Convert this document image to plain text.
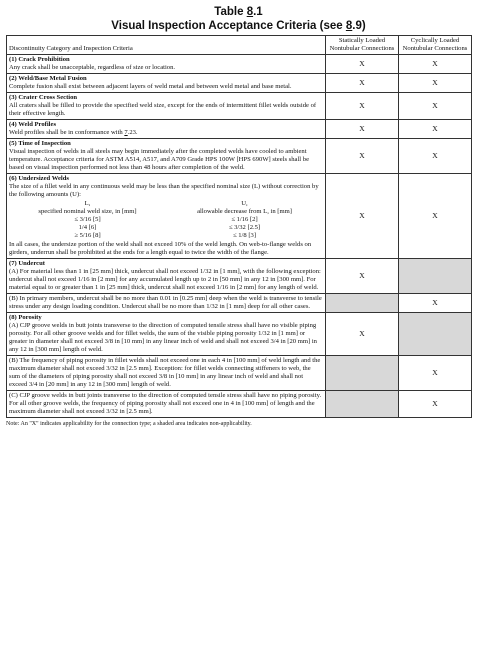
Table 8.1
Visual Inspection Acceptance Criteria (see 8.9)
Discontinuity Category and Inspection Criteria	Statically Loaded Nontubular Connections	Cyclically Loaded Nontubular Connections

(1) Crack Prohibition
Any crack shall be unacceptable, regardless of size or location.	X	X

(2) Weld/Base Metal Fusion
Complete fusion shall exist between adjacent layers of weld metal and between weld metal and base metal.	X	X

(3) Crater Cross Section
All craters shall be filled to provide the specified weld size, except for the ends of intermittent fillet welds outside of their effective length.	X	X

(4) Weld Profiles
Weld profiles shall be in conformance with 7.23.	X	X

(5) Time of Inspection
Visual inspection of welds in all steels may begin immediately after the completed welds have cooled to ambient temperature. Acceptance criteria for ASTM A514, A517, and A709 Grade HPS 100W [HPS 690W] steels shall be based on visual inspection performed not less than 48 hours after completion of the weld.	X	X

(6) Undersized Welds
The size of a fillet weld in any continuous weld may be less than the specified nominal size (L) without correction by the following amounts (U):
L,	U,
specified nominal weld size, in [mm]	allowable decrease from L, in [mm]
≤ 3/16 [5]	≤ 1/16 [2]
1/4 [6]	≤ 3/32 [2.5]
≥ 5/16 [8]	≤ 1/8 [3]
In all cases, the undersize portion of the weld shall not exceed 10% of the weld length. On web-to-flange welds on girders, underrun shall be prohibited at the ends for a length equal to twice the width of the flange.	X	X

(7) Undercut
(A) For material less than 1 in [25 mm] thick, undercut shall not exceed 1/32 in [1 mm], with the following exception: undercut shall not exceed 1/16 in [2 mm] for any accumulated length up to 2 in [50 mm] in any 12 in [300 mm]. For material equal to or greater than 1 in [25 mm] thick, undercut shall not exceed 1/16 in [2 mm] for any length of weld.	X	
(B) In primary members, undercut shall be no more than 0.01 in [0.25 mm] deep when the weld is transverse to tensile stress under any design loading condition. Undercut shall be no more than 1/32 in [1 mm] deep for all other cases.		X

(8) Porosity
(A) CJP groove welds in butt joints transverse to the direction of computed tensile stress shall have no visible piping porosity. For all other groove welds and for fillet welds, the sum of the visible piping porosity 1/32 in [1 mm] or greater in diameter shall not exceed 3/8 in [10 mm] in any linear inch of weld and shall not exceed 3/4 in [20 mm] in any 12 in [300 mm] length of weld.	X	
(B) The frequency of piping porosity in fillet welds shall not exceed one in each 4 in [100 mm] of weld length and the maximum diameter shall not exceed 3/32 in [2.5 mm]. Exception: for fillet welds connecting stiffeners to web, the sum of the diameters of piping porosity shall not exceed 3/8 in [10 mm] in any linear inch of weld and shall not exceed 3/4 in [20 mm] in any 12 in [300 mm] length of weld.		X
(C) CJP groove welds in butt joints transverse to the direction of computed tensile stress shall have no piping porosity. For all other groove welds, the frequency of piping porosity shall not exceed one in 4 in [100 mm] of length and the maximum diameter shall not exceed 3/32 in [2.5 mm].		X
Note: An "X" indicates applicability for the connection type; a shaded area indicates non-applicability.
